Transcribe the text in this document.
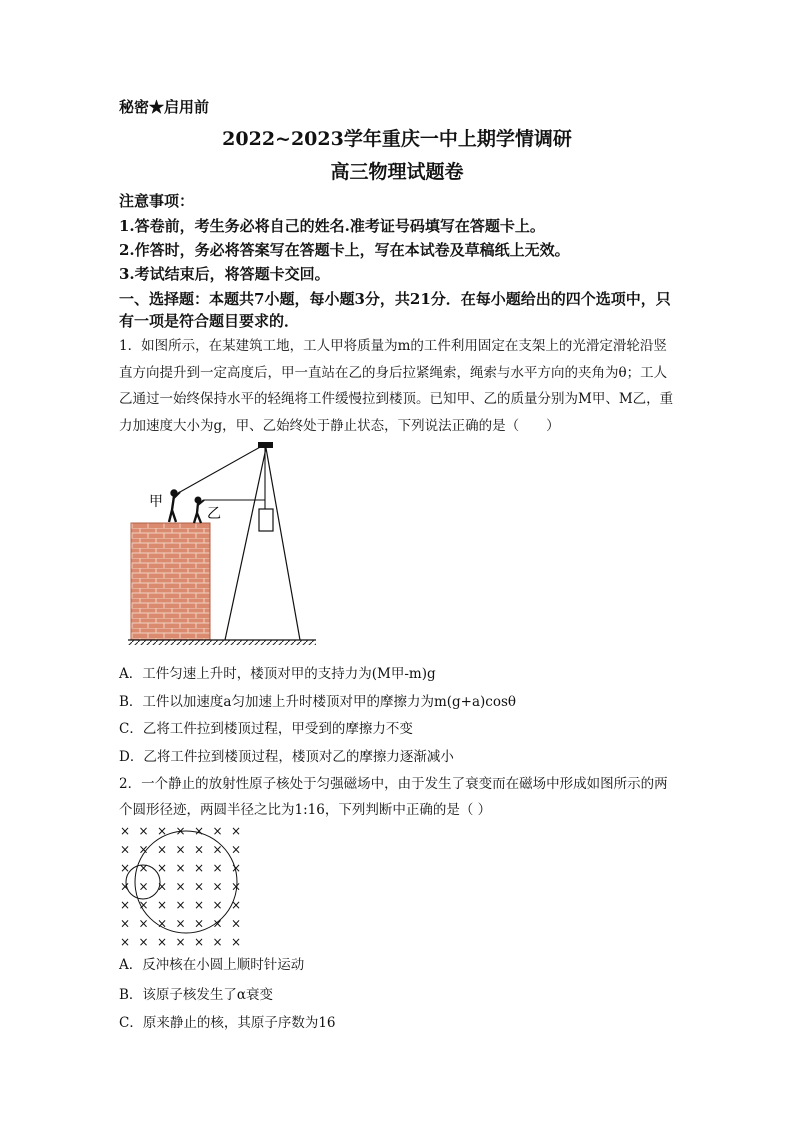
秘密★启用前
2022~2023学年重庆一中上期学情调研
高三物理试题卷
注意事项：
1.答卷前，考生务必将自己的姓名.准考证号码填写在答题卡上。
2.作答时，务必将答案写在答题卡上，写在本试卷及草稿纸上无效。
3.考试结束后，将答题卡交回。
一、选择题：本题共7小题，每小题3分，共21分．在每小题给出的四个选项中，只有一项是符合题目要求的．
1．如图所示，在某建筑工地，工人甲将质量为m的工件利用固定在支架上的光滑定滑轮沿竖直方向提升到一定高度后，甲一直站在乙的身后拉紧绳索，绳索与水平方向的夹角为θ；工人乙通过一始终保持水平的轻绳将工件缓慢拉到楼顶。已知甲、乙的质量分别为M甲、M乙，重力加速度大小为g，甲、乙始终处于静止状态，下列说法正确的是（　　）
甲
乙
A．工件匀速上升时，楼顶对甲的支持力为(M甲-m)g
B．工件以加速度a匀加速上升时楼顶对甲的摩擦力为m(g+a)cosθ
C．乙将工件拉到楼顶过程，甲受到的摩擦力不变
D．乙将工件拉到楼顶过程，楼顶对乙的摩擦力逐渐减小
2．一个静止的放射性原子核处于匀强磁场中，由于发生了衰变而在磁场中形成如图所示的两个圆形径迹，两圆半径之比为1:16，下列判断中正确的是（ ）
× × × × × × ×
× × × × × × ×
× × × × × × ×
× × × × × × ×
× × × × × × ×
× × × × × × ×
× × × × × × ×
A．反冲核在小圆上顺时针运动
B．该原子核发生了α衰变
C．原来静止的核，其原子序数为16
